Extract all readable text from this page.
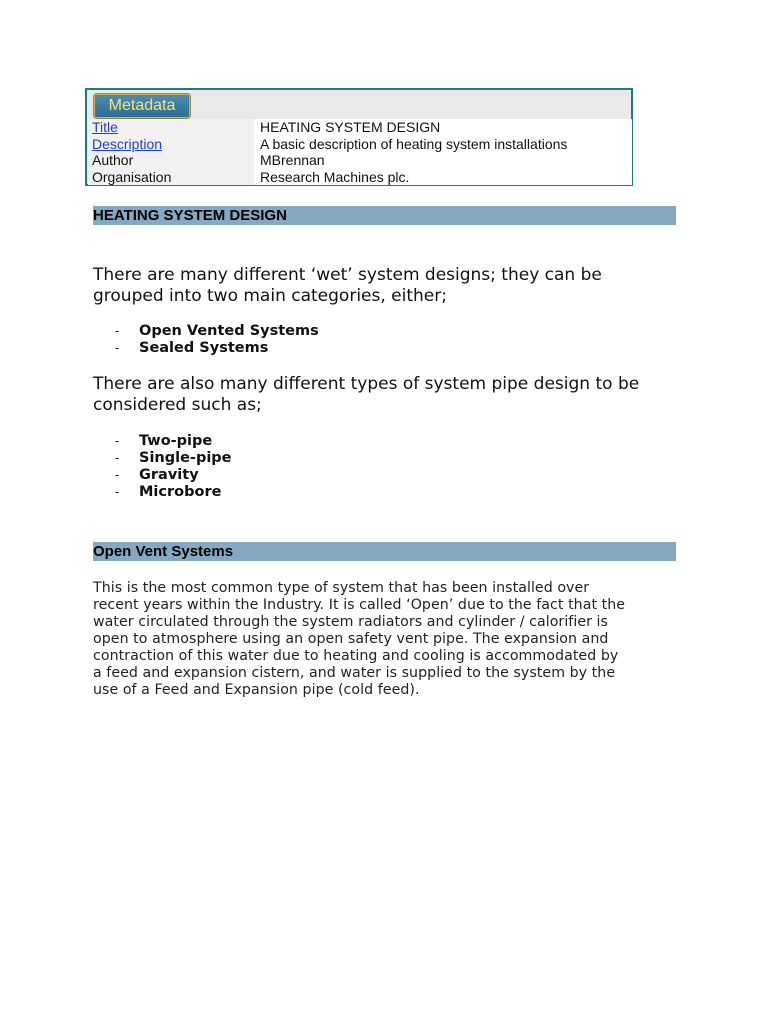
Metadata
Title	HEATING SYSTEM DESIGN
Description	A basic description of heating system installations
Author	MBrennan
Organisation	Research Machines plc.
HEATING SYSTEM DESIGN
There are many different ‘wet’ system designs; they can be
grouped into two main categories, either;
-	Open Vented Systems
-	Sealed Systems
There are also many different types of system pipe design to be
considered such as;
-	Two-pipe
-	Single-pipe
-	Gravity
-	Microbore
Open Vent Systems
This is the most common type of system that has been installed over
recent years within the Industry. It is called ‘Open’ due to the fact that the
water circulated through the system radiators and cylinder / calorifier is
open to atmosphere using an open safety vent pipe. The expansion and
contraction of this water due to heating and cooling is accommodated by
a feed and expansion cistern, and water is supplied to the system by the
use of a Feed and Expansion pipe (cold feed).
